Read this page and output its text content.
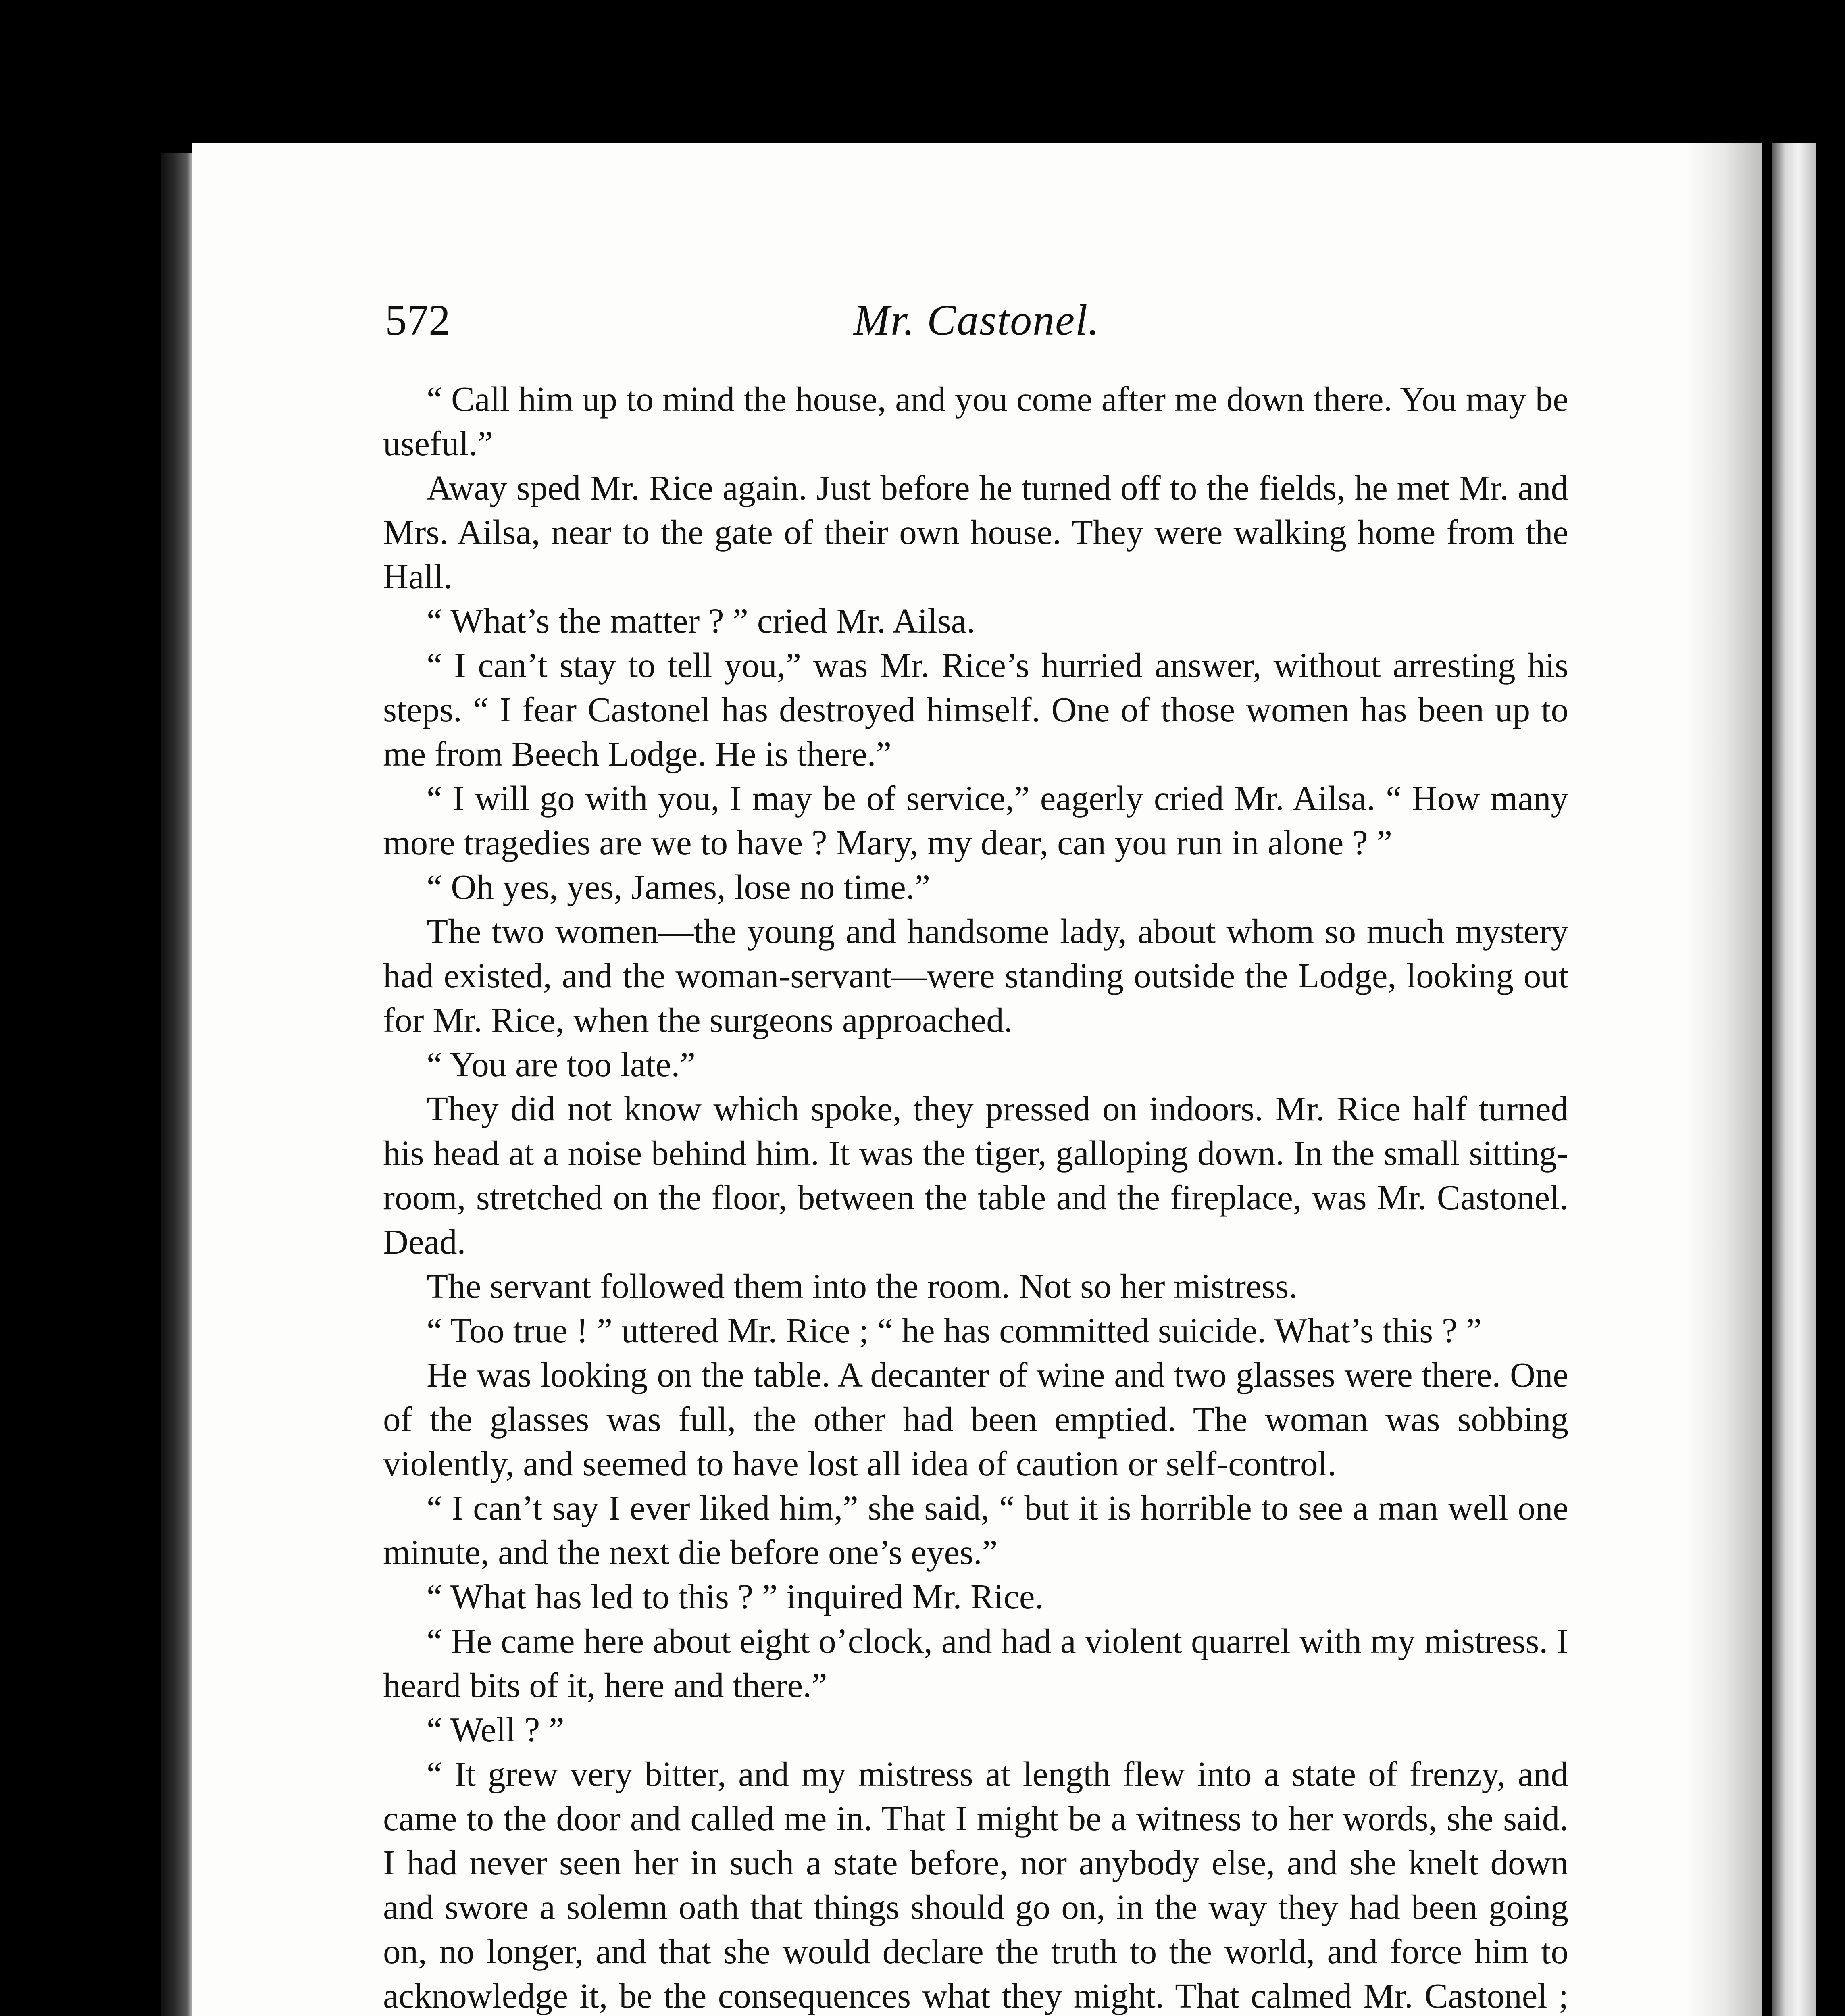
572	Mr. Castonel.

“ Call him up to mind the house, and you come after me down there. You may be useful.”

Away sped Mr. Rice again. Just before he turned off to the fields, he met Mr. and Mrs. Ailsa, near to the gate of their own house. They were walking home from the Hall.

“ What’s the matter ? ” cried Mr. Ailsa.

“ I can’t stay to tell you,” was Mr. Rice’s hurried answer, without arresting his steps. “ I fear Castonel has destroyed himself. One of those women has been up to me from Beech Lodge. He is there.”

“ I will go with you, I may be of service,” eagerly cried Mr. Ailsa. “ How many more tragedies are we to have ? Mary, my dear, can you run in alone ? ”

“ Oh yes, yes, James, lose no time.”

The two women—the young and handsome lady, about whom so much mystery had existed, and the woman-servant—were standing outside the Lodge, looking out for Mr. Rice, when the surgeons approached.

“ You are too late.”

They did not know which spoke, they pressed on indoors. Mr. Rice half turned his head at a noise behind him. It was the tiger, galloping down. In the small sitting-room, stretched on the floor, between the table and the fireplace, was Mr. Castonel. Dead.

The servant followed them into the room. Not so her mistress.

“ Too true ! ” uttered Mr. Rice ; “ he has committed suicide. What’s this ? ”

He was looking on the table. A decanter of wine and two glasses were there. One of the glasses was full, the other had been emptied. The woman was sobbing violently, and seemed to have lost all idea of caution or self-control.

“ I can’t say I ever liked him,” she said, “ but it is horrible to see a man well one minute, and the next die before one’s eyes.”

“ What has led to this ? ” inquired Mr. Rice.

“ He came here about eight o’clock, and had a violent quarrel with my mistress. I heard bits of it, here and there.”

“ Well ? ”

“ It grew very bitter, and my mistress at length flew into a state of frenzy, and came to the door and called me in. That I might be a witness to her words, she said. I had never seen her in such a state before, nor anybody else, and she knelt down and swore a solemn oath that things should go on, in the way they had been going on, no longer, and that she would declare the truth to the world, and force him to acknowledge it, be the consequences what they might. That calmed Mr. Castonel ;
